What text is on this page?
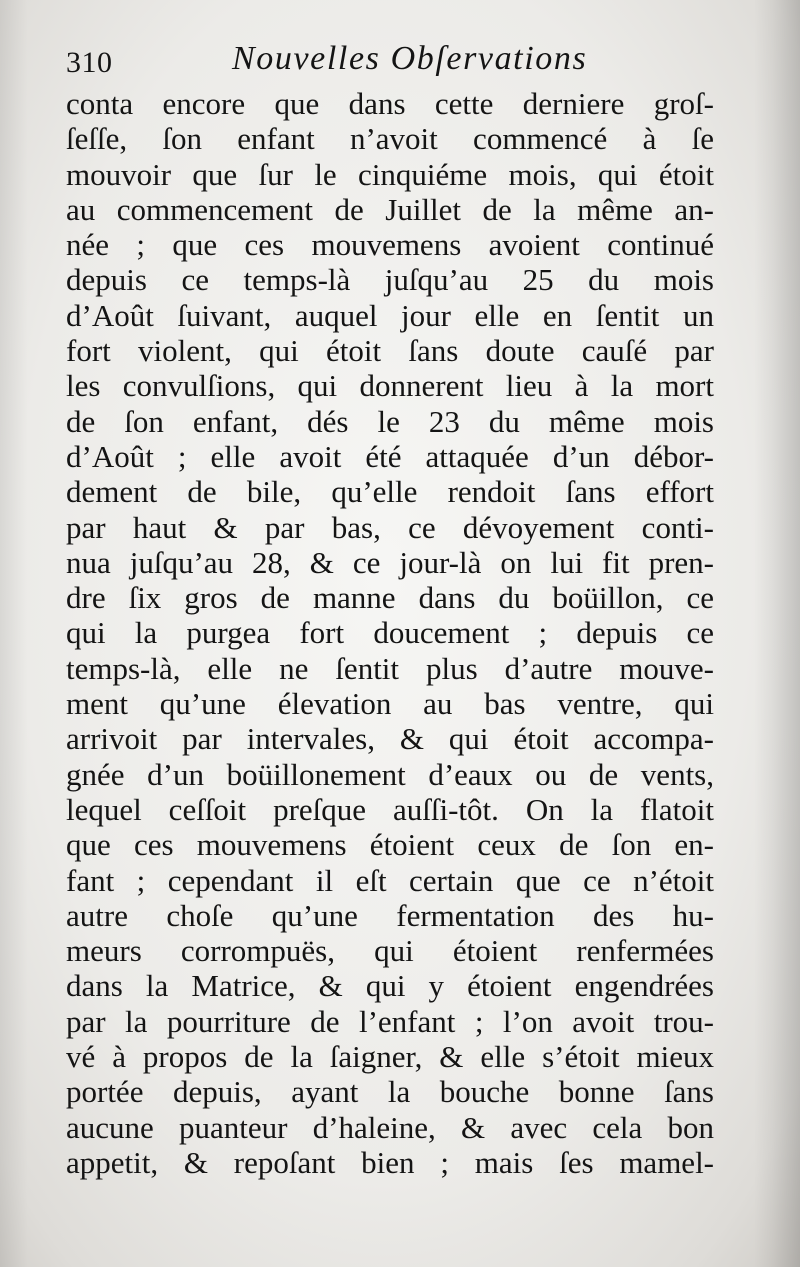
310	Nouvelles Obſervations
conta encore que dans cette derniere groſ-
ſeſſe, ſon enfant n’avoit commencé à ſe
mouvoir que ſur le cinquiéme mois, qui étoit
au commencement de Juillet de la même an-
née ; que ces mouvemens avoient continué
depuis ce temps-là juſqu’au 25 du mois
d’Août ſuivant, auquel jour elle en ſentit un
fort violent, qui étoit ſans doute cauſé par
les convulſions, qui donnerent lieu à la mort
de ſon enfant, dés le 23 du même mois
d’Août ; elle avoit été attaquée d’un débor-
dement de bile, qu’elle rendoit ſans effort
par haut & par bas, ce dévoyement conti-
nua juſqu’au 28, & ce jour-là on lui fit pren-
dre ſix gros de manne dans du boüillon, ce
qui la purgea fort doucement ; depuis ce
temps-là, elle ne ſentit plus d’autre mouve-
ment qu’une élevation au bas ventre, qui
arrivoit par intervales, & qui étoit accompa-
gnée d’un boüillonement d’eaux ou de vents,
lequel ceſſoit preſque auſſi-tôt. On la flatoit
que ces mouvemens étoient ceux de ſon en-
fant ; cependant il eſt certain que ce n’étoit
autre choſe qu’une fermentation des hu-
meurs corrompuës, qui étoient renfermées
dans la Matrice, & qui y étoient engendrées
par la pourriture de l’enfant ; l’on avoit trou-
vé à propos de la ſaigner, & elle s’étoit mieux
portée depuis, ayant la bouche bonne ſans
aucune puanteur d’haleine, & avec cela bon
appetit, & repoſant bien ; mais ſes mamel-
